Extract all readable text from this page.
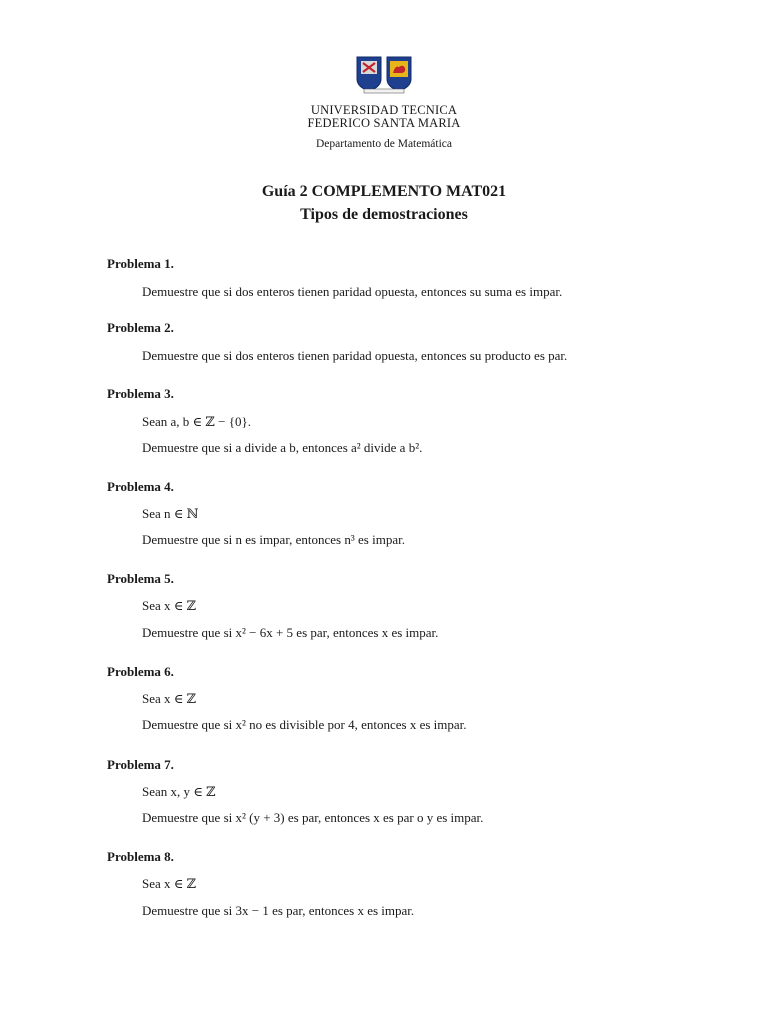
UNIVERSIDAD TECNICA
FEDERICO SANTA MARIA
Departamento de Matemática
Guía 2 COMPLEMENTO MAT021
Tipos de demostraciones
Problema 1.
Demuestre que si dos enteros tienen paridad opuesta, entonces su suma es impar.
Problema 2.
Demuestre que si dos enteros tienen paridad opuesta, entonces su producto es par.
Problema 3.
Sean a, b ∈ ℤ − {0}.
Demuestre que si a divide a b, entonces a² divide a b².
Problema 4.
Sea n ∈ ℕ
Demuestre que si n es impar, entonces n³ es impar.
Problema 5.
Sea x ∈ ℤ
Demuestre que si x² − 6x + 5 es par, entonces x es impar.
Problema 6.
Sea x ∈ ℤ
Demuestre que si x² no es divisible por 4, entonces x es impar.
Problema 7.
Sean x, y ∈ ℤ
Demuestre que si x² (y + 3) es par, entonces x es par o y es impar.
Problema 8.
Sea x ∈ ℤ
Demuestre que si 3x − 1 es par, entonces x es impar.
